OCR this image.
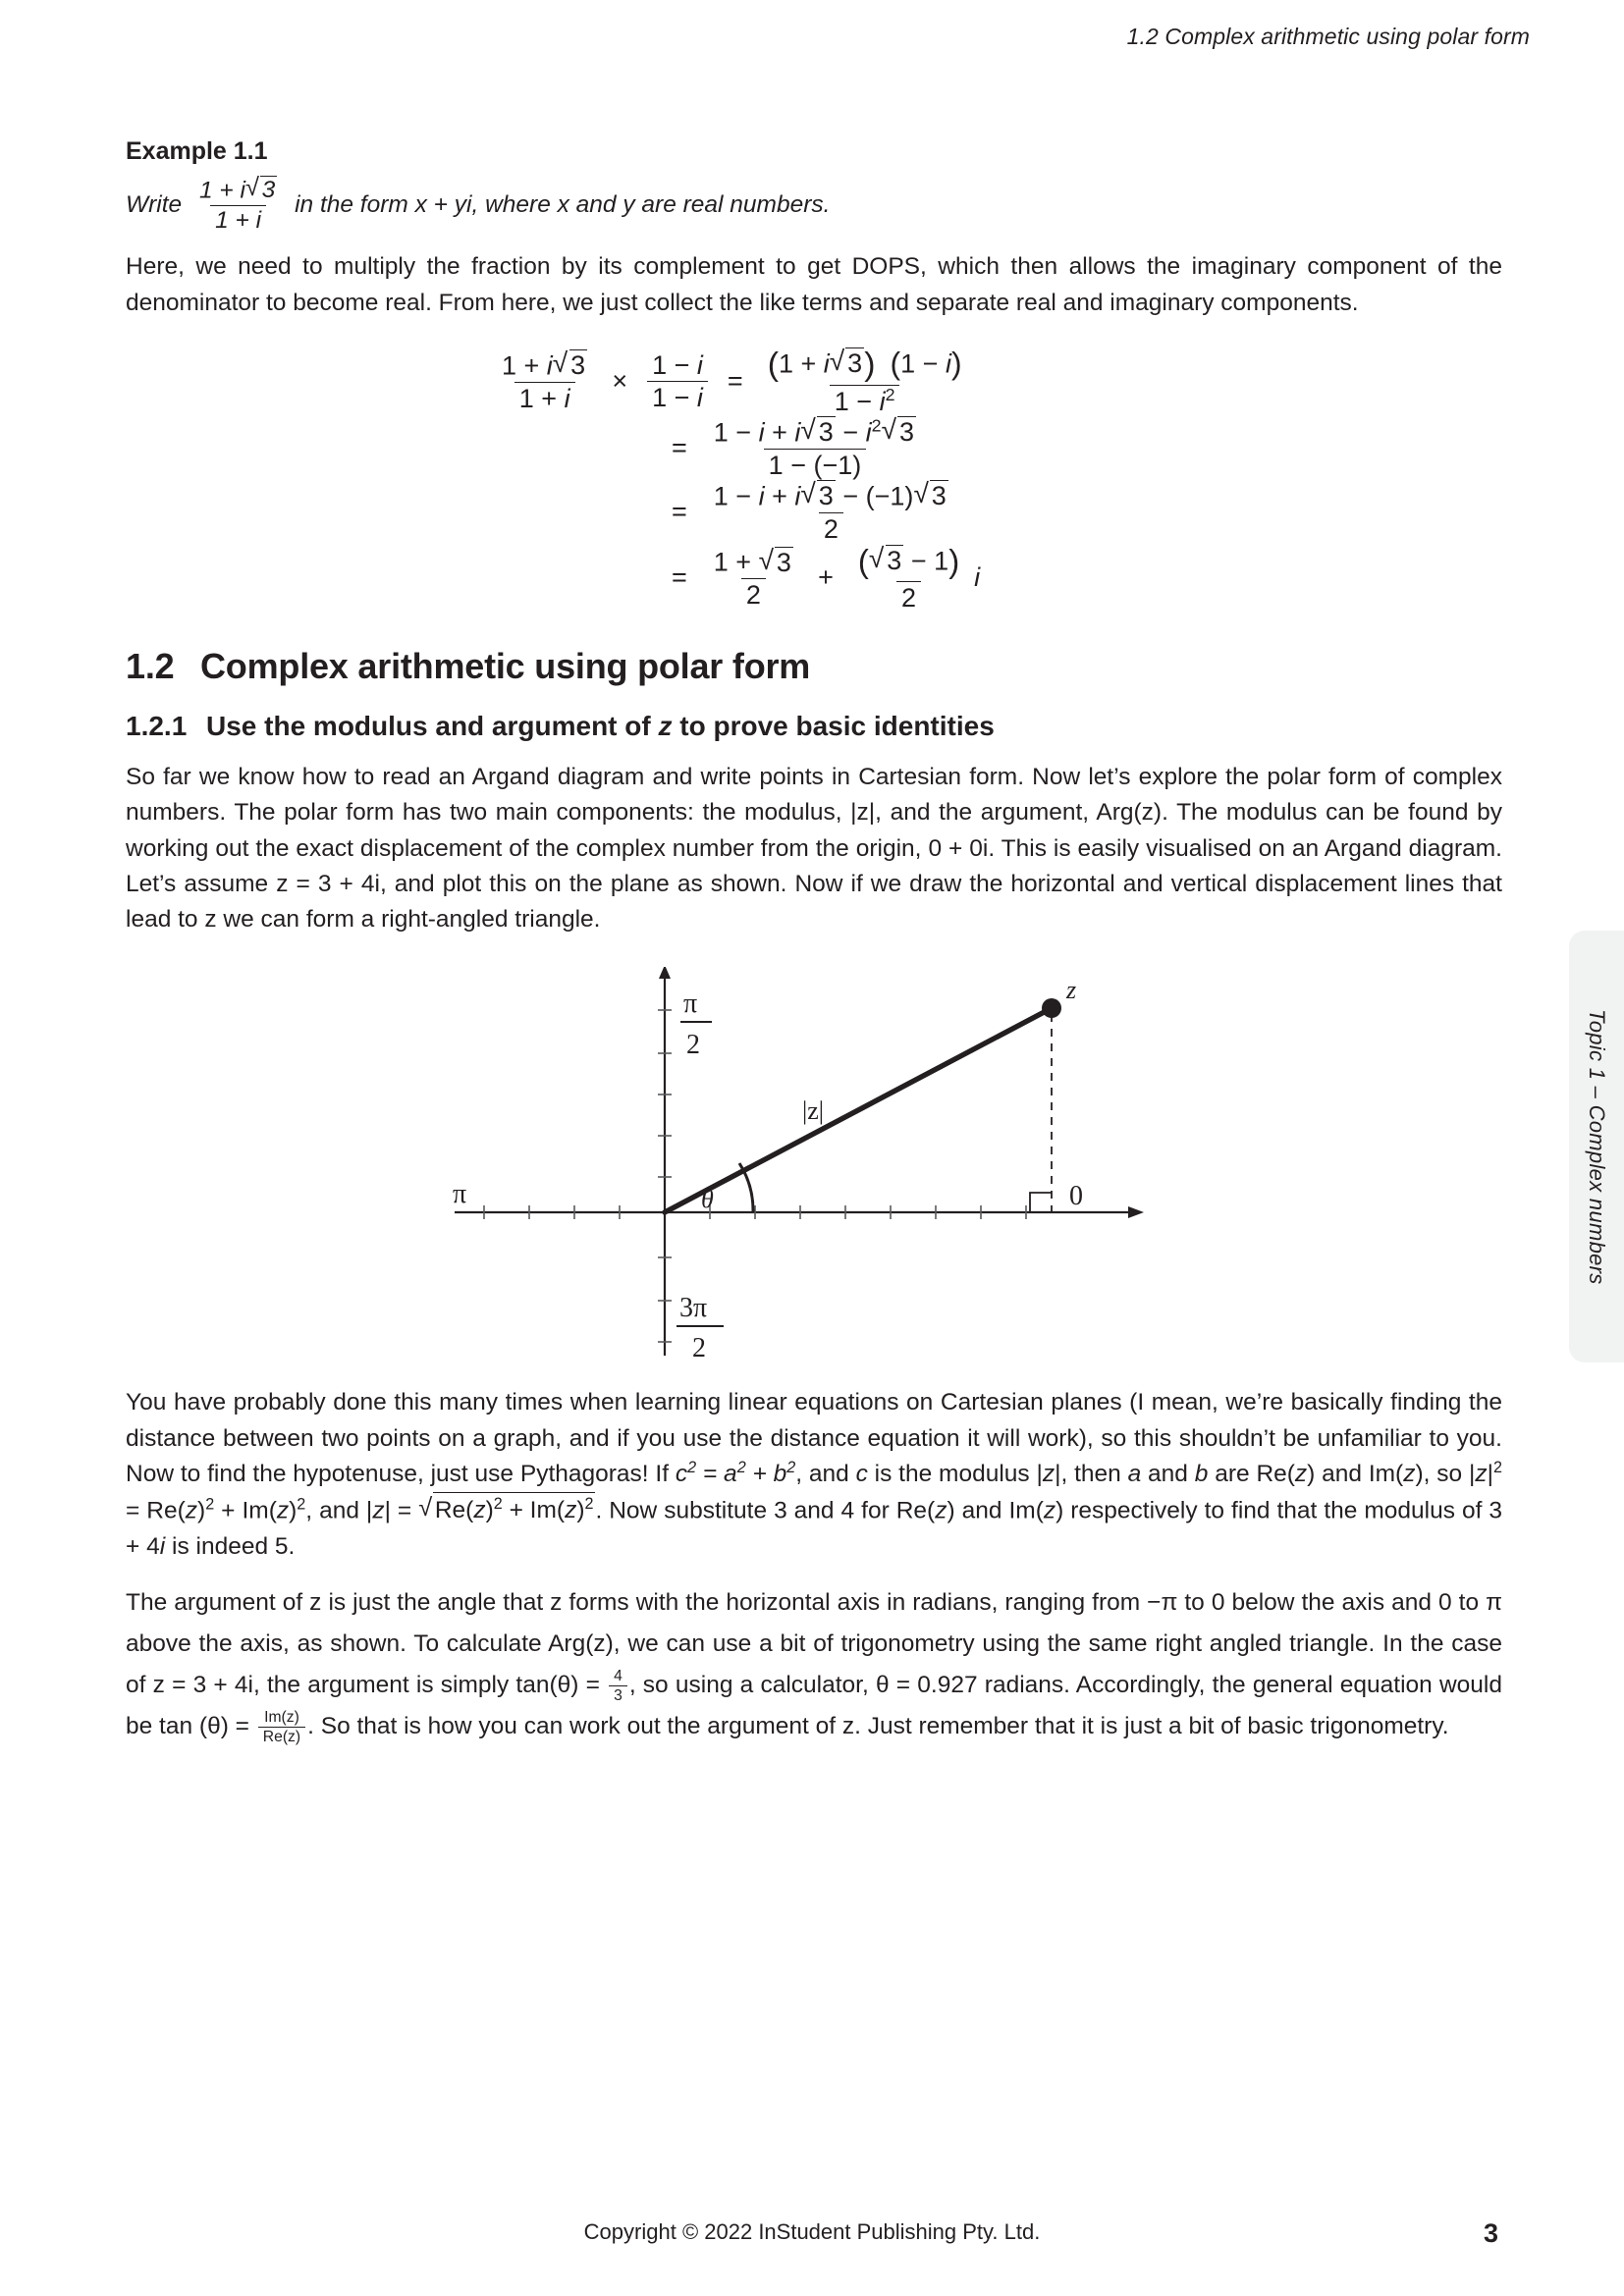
1.2 Complex arithmetic using polar form
Topic 1 – Complex numbers
Example 1.1
Write
$\frac{1 + i √ 3}{1 + i}$
in the form x + yi, where x and y are real numbers.

Here, we need to multiply the fraction by its complement to get DOPS, which then allows the imaginary component of the denominator to become real. From here, we just collect the like terms and separate real and imaginary components.

$\frac{1 + i √ 3}{1 + i} \times \frac{1 - i}{1 - i} = \frac{(1 + i √ 3) (1 - i)}{1 - i^2}$
= $\frac{1 - i + i √ 3 - i^2 √ 3}{1 - (-1)}$
= $\frac{1 - i + i √ 3 - (-1) √ 3}{2}$
= $\frac{1 + √ 3}{2} + \frac{( √ 3 - 1)}{2}$ i
1.2 Complex arithmetic using polar form
1.2.1 Use the modulus and argument of z to prove basic identities

So far we know how to read an Argand diagram and write points in Cartesian form. Now let’s explore the polar form of complex numbers. The polar form has two main components: the modulus, |z|, and the argument, Arg(z). The modulus can be found by working out the exact displacement of the complex number from the origin, 0 + 0i. This is easily visualised on an Argand diagram. Let’s assume z = 3 + 4i, and plot this on the plane as shown. Now if we draw the horizontal and vertical displacement lines that lead to z we can form a right-angled triangle.

z
|z|
θ	0
π
π
2
3π
2

You have probably done this many times when learning linear equations on Cartesian planes (I mean, we’re basically finding the distance between two points on a graph, and if you use the distance equation it will work), so this shouldn’t be unfamiliar to you. Now to find the hypotenuse, just use Pythagoras! If $c^2 = a^2 + b^2$, and c is the modulus |z|, then a and b are Re(z) and Im(z), so $|z|^2 = Re(z)^2 + Im(z)^2$, and |z| = √ $Re(z)^2 + Im(z)^2$. Now substitute 3 and 4 for Re(z) and Im(z) respectively to find that the modulus of 3 + 4i is indeed 5.

The argument of z is just the angle that z forms with the horizontal axis in radians, ranging from −π to 0 below the axis and 0 to π above the axis, as shown. To calculate Arg(z), we can use a bit of trigonometry using the same right angled triangle. In the case of z = 3 + 4i, the argument is simply $\tan(\theta) = \frac{4}{3}$ , so using a calculator, θ = 0.927 radians. Accordingly, the general equation would be $\tan (\theta) = \frac{Im(z)}{Re(z)}$ . So that is how you can work out the argument of z. Just remember that it is just a bit of basic trigonometry.

Copyright © 2022 InStudent Publishing Pty. Ltd.	3
